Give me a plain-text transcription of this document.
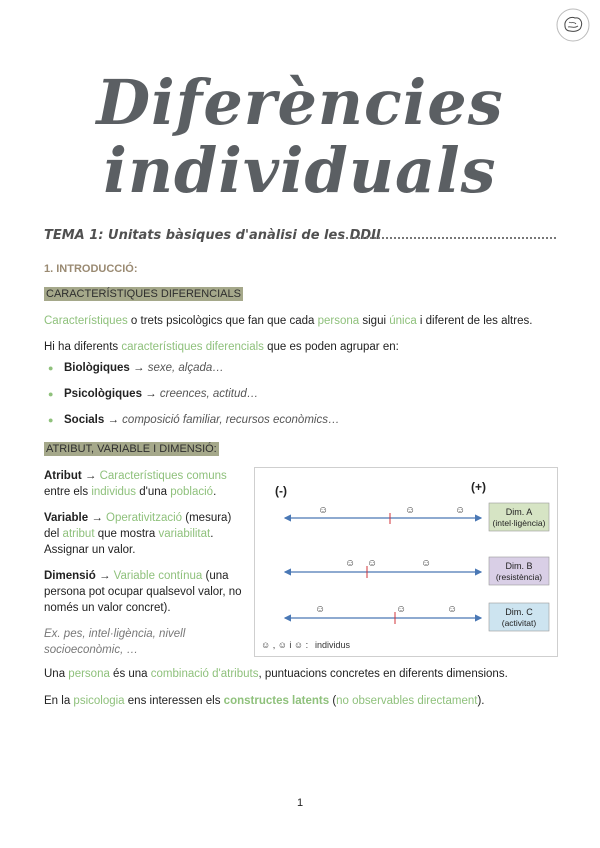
Diferències
individuals
TEMA 1: Unitats bàsiques d'anàlisi de les DDII
1. INTRODUCCIÓ:
CARACTERÍSTIQUES DIFERENCIALS
Característiques o trets psicològics que fan que cada persona sigui única i diferent de les altres.
Hi ha diferents característiques diferencials que es poden agrupar en:
● Biològiques → sexe, alçada…
● Psicològiques → creences, actitud…
● Socials → composició familiar, recursos econòmics…
ATRIBUT, VARIABLE I DIMENSIÓ:

Atribut → Característiques comuns entre els individus d'una població.

Variable → Operativització (mesura) del atribut que mostra variabilitat. Assignar un valor.

Dimensió → Variable contínua (una persona pot ocupar qualsevol valor, no només un valor concret).

Ex. pes, intel·ligència, nivell socioeconòmic, …

(-)	(+)
☺	☺	☺	Dim. A
(intel·ligència)
☺ ☺	☺	Dim. B
(resistència)
☺	☺	☺	Dim. C
(activitat)
☺ , ☺ i ☺ : individus
Una persona és una combinació d'atributs, puntuacions concretes en diferents dimensions.
En la psicologia ens interessen els constructes latents (no observables directament).
1
